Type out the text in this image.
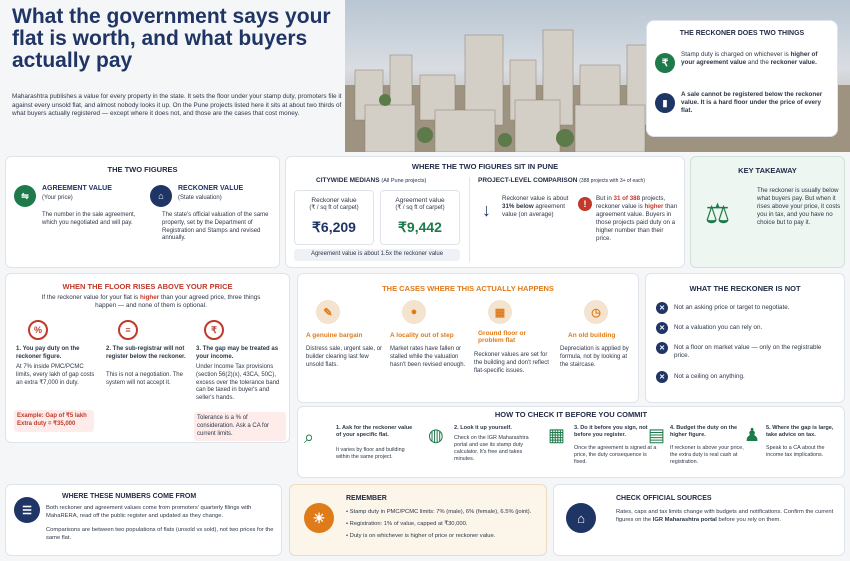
What the government says your flat is worth, and what buyers actually pay
Maharashtra publishes a value for every property in the state. It sets the floor under your stamp duty, promoters file it against every unsold flat, and almost nobody looks it up. On the Pune projects listed here it sits at about two thirds of what buyers actually registered — except where it does not, and those are the cases that cost money.
THE RECKONER DOES TWO THINGS
₹
Stamp duty is charged on whichever is higher of your agreement value and the reckoner value.
▮
A sale cannot be registered below the reckoner value. It is a hard floor under the price of every flat.
THE TWO FIGURES
⇋
AGREEMENT VALUE
(Your price)
The number in the sale agreement, which you negotiated and will pay.
⌂
RECKONER VALUE
(State valuation)
The state's official valuation of the same property, set by the Department of Registration and Stamps and revised annually.
WHERE THE TWO FIGURES SIT IN PUNE
CITYWIDE MEDIANS (All Pune projects)
Reckoner value
(₹ / sq ft of carpet)
₹6,209
Agreement value
(₹ / sq ft of carpet)
₹9,442
Agreement value is about 1.5x the reckoner value
PROJECT-LEVEL COMPARISON (388 projects with 3+ of each)
↓
Reckoner value is about 31% below agreement value (on average)
!
But in 31 of 388 projects, reckoner value is higher than agreement value. Buyers in those projects paid duty on a higher number than their price.
KEY TAKEAWAY
⚖
The reckoner is usually below what buyers pay. But when it rises above your price, it costs you in tax, and you have no choice but to pay it.
WHEN THE FLOOR RISES ABOVE YOUR PRICE
If the reckoner value for your flat is higher than your agreed price, three things happen — and none of them is optional.
%
1. You pay duty on the reckoner figure.
At 7% inside PMC/PCMC limits, every lakh of gap costs an extra ₹7,000 in duty.
Example: Gap of ₹5 lakh
Extra duty = ₹35,000
≡
2. The sub-registrar will not register below the reckoner.
This is not a negotiation. The system will not accept it.
₹
3. The gap may be treated as your income.
Under Income Tax provisions (section 56(2)(x), 43CA, 50C), excess over the tolerance band can be taxed in buyer's and seller's hands.
Tolerance is a % of consideration. Ask a CA for current limits.
THE CASES WHERE THIS ACTUALLY HAPPENS
✎
A genuine bargain
Distress sale, urgent sale, or builder clearing last few unsold flats.
●
A locality out of step
Market rates have fallen or stalled while the valuation hasn't been revised enough.
▦
Ground floor or problem flat
Reckoner values are set for the building and don't reflect flat-specific issues.
◷
An old building
Depreciation is applied by formula, not by looking at the staircase.
WHAT THE RECKONER IS NOT
✕	Not an asking price or target to negotiate.
✕	Not a valuation you can rely on.
✕	Not a floor on market value — only on the registrable price.
✕	Not a ceiling on anything.
HOW TO CHECK IT BEFORE YOU COMMIT
⌕	1. Ask for the reckoner value of your specific flat.
It varies by floor and building within the same project.
◍ 2. Look it up yourself.
Check on the IGR Maharashtra portal and use its stamp duty calculator. It's free and takes minutes.
▦ 3. Do it before you sign, not before you register.
Once the agreement is signed at a price, the duty consequence is fixed.
▤ 4. Budget the duty on the higher figure.
If reckoner is above your price, the extra duty is real cash at registration.
♟ 5. Where the gap is large, take advice on tax.
Speak to a CA about the income tax implications.
☰
WHERE THESE NUMBERS COME FROM
Both reckoner and agreement values come from promoters' quarterly filings with MahaRERA, read off the public register and updated as they change.
Comparisons are between two populations of flats (unsold vs sold), not two prices for the same flat.
☀
REMEMBER
• Stamp duty in PMC/PCMC limits: 7% (male), 6% (female), 6.5% (joint).
• Registration: 1% of value, capped at ₹30,000.
• Duty is on whichever is higher of price or reckoner value.
⌂
CHECK OFFICIAL SOURCES
Rates, caps and tax limits change with budgets and notifications. Confirm the current figures on the IGR Maharashtra portal before you rely on them.
